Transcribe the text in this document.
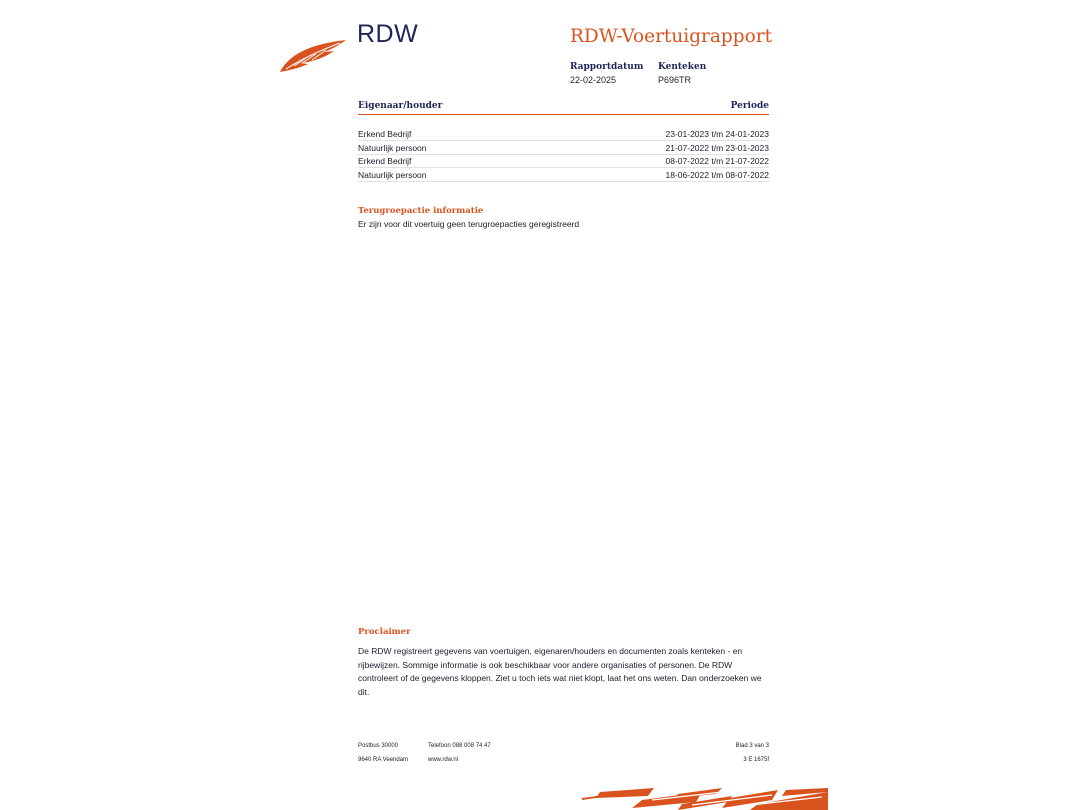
RDW	RDW-Voertuigrapport
Rapportdatum
22-02-2025
Kenteken
P696TR
Eigenaar/houder	Periode
Erkend Bedrijf	23-01-2023 t/m 24-01-2023
Natuurlijk persoon	21-07-2022 t/m 23-01-2023
Erkend Bedrijf	08-07-2022 t/m 21-07-2022
Natuurlijk persoon	18-06-2022 t/m 08-07-2022
Terugroepactie informatie
Er zijn voor dit voertuig geen terugroepacties geregistreerd
Proclaimer
De RDW registreert gegevens van voertuigen, eigenaren/houders en documenten zoals kenteken - en rijbewijzen. Sommige informatie is ook beschikbaar voor andere organisaties of personen. De RDW controleert of de gegevens kloppen. Ziet u toch iets wat niet klopt, laat het ons weten. Dan onderzoeken we dit.
Postbus 30000
9640 RA Veendam
Telefoon 088 008 74 47
www.rdw.nl
Blad 3 van 3
3 E 1675f
